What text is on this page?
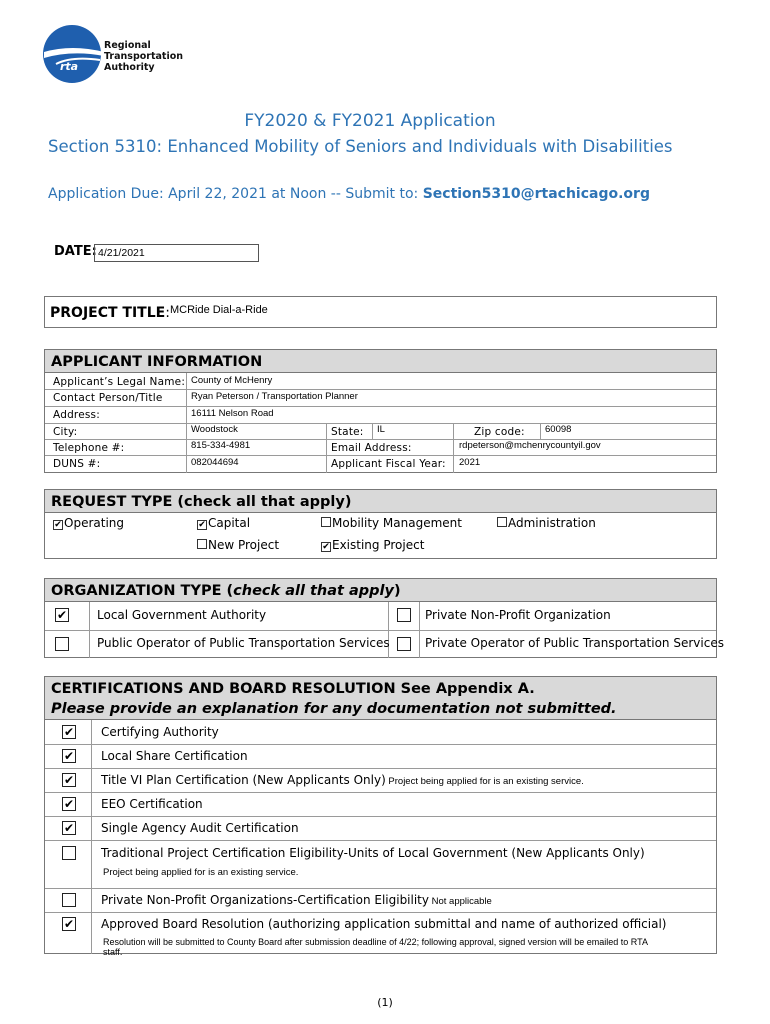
rta
Regional
Transportation
Authority
FY2020 & FY2021 Application
Section 5310: Enhanced Mobility of Seniors and Individuals with Disabilities
Application Due: April 22, 2021 at Noon -- Submit to: Section5310@rtachicago.org
DATE: 4/21/2021
PROJECT TITLE: MCRide Dial-a-Ride
APPLICANT INFORMATION
Applicant’s Legal Name: County of McHenry
Contact Person/Title	Ryan Peterson / Transportation Planner
Address:	16111 Nelson Road
City:	Woodstock	State: IL	Zip code: 60098
Telephone #:	815-334-4981	Email Address:	rdpeterson@mchenrycountyil.gov
DUNS #:	082044694	Applicant Fiscal Year: 2021
REQUEST TYPE (check all that apply)
✔ Operating	✔ Capital	Mobility Management	Administration
New Project	✔ Existing Project
ORGANIZATION TYPE (check all that apply)
✔ Local Government Authority	Private Non-Profit Organization
Public Operator of Public Transportation Services	Private Operator of Public Transportation Services
CERTIFICATIONS AND BOARD RESOLUTION See Appendix A.
Please provide an explanation for any documentation not submitted.
✔ Certifying Authority
✔ Local Share Certification
✔ Title VI Plan Certification (New Applicants Only) Project being applied for is an existing service.
✔ EEO Certification
✔ Single Agency Audit Certification
Traditional Project Certification Eligibility-Units of Local Government (New Applicants Only)
Project being applied for is an existing service.
Private Non-Profit Organizations-Certification Eligibility Not applicable
✔ Approved Board Resolution (authorizing application submittal and name of authorized official)
Resolution will be submitted to County Board after submission deadline of 4/22; following approval, signed version will be emailed to RTA
staff.
(1)
